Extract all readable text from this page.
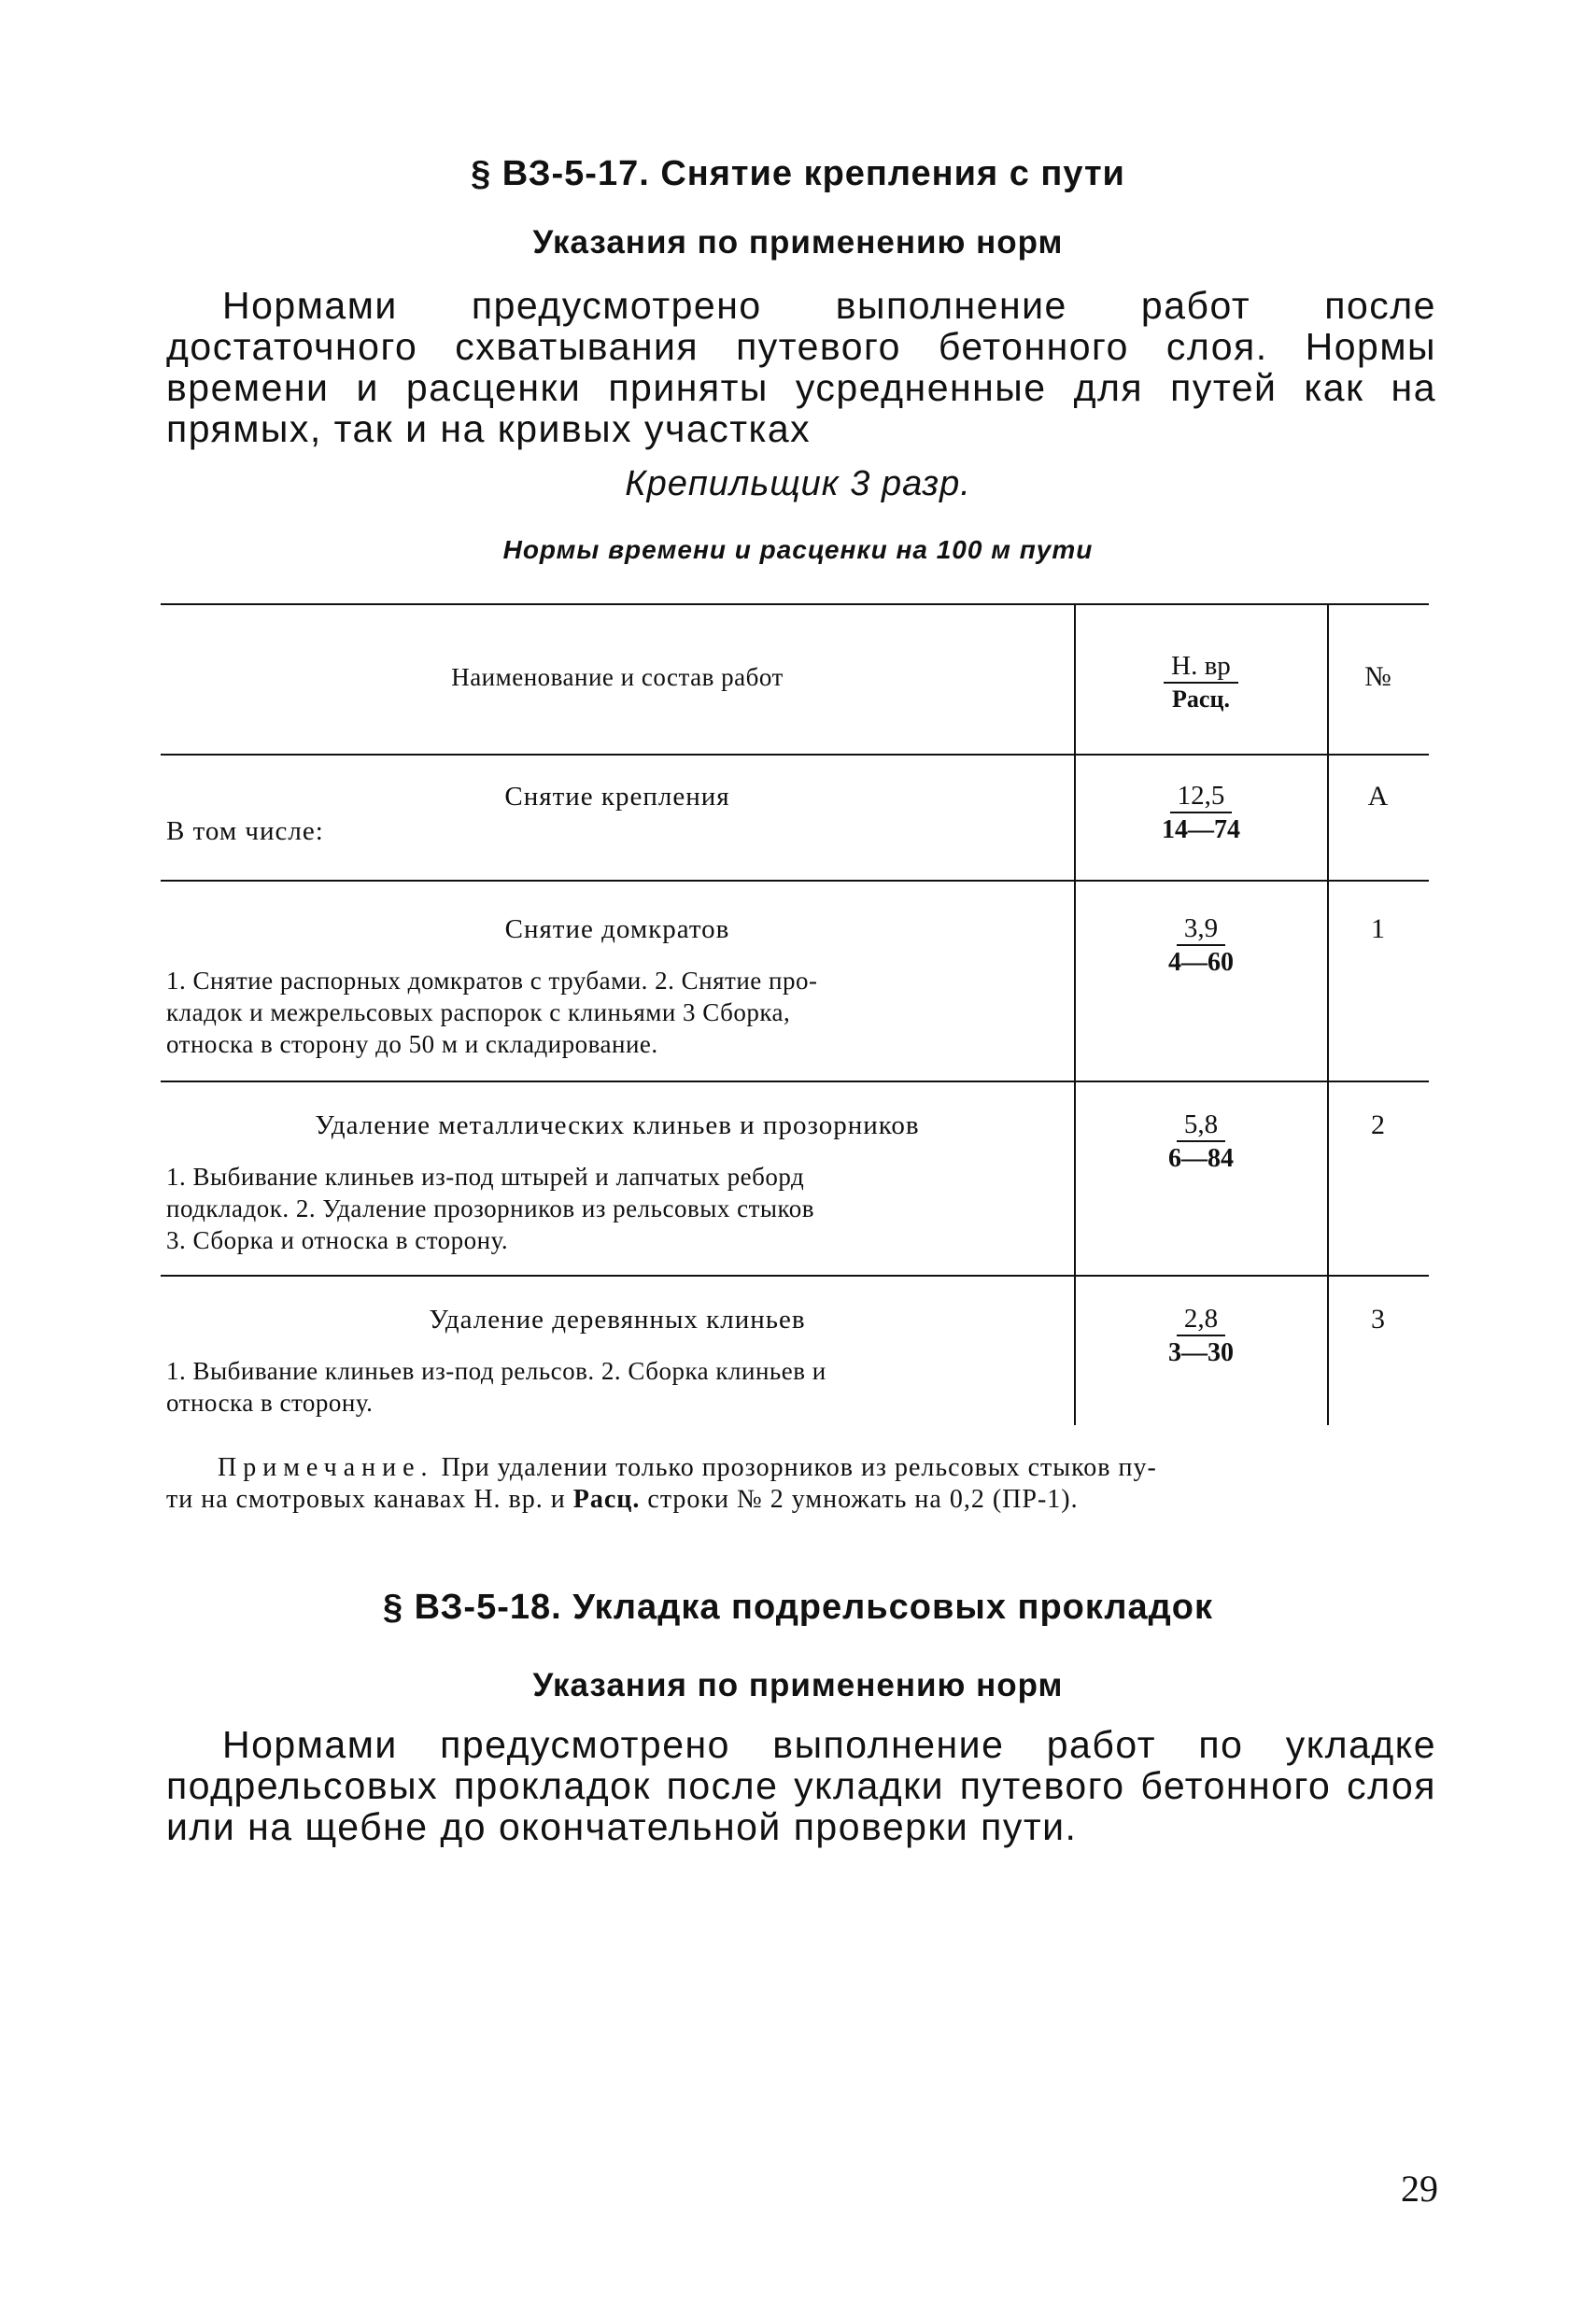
§ ВЗ-5-17. Снятие крепления с пути
Указания по применению норм
Нормами предусмотрено выполнение работ после достаточного схватывания путевого бетонного слоя. Нормы времени и расценки приняты усредненные для путей как на прямых, так и на кривых участках
Крепильщик 3 разр.
Нормы времени и расценки на 100 м пути
Наименование и состав работ	Н. вр
Расц.
№
Снятие крепления
В том числе:
12,5
14—74
А
Снятие домкратов
1. Снятие распорных домкратов с трубами. 2. Снятие про-
кладок и межрельсовых распорок с клиньями 3 Сборка,
относка в сторону до 50 м и складирование.
3,9
4—60
1
Удаление металлических клиньев и прозорников
1. Выбивание клиньев из-под штырей и лапчатых реборд
подкладок. 2. Удаление прозорников из рельсовых стыков
3. Сборка и относка в сторону.
5,8
6—84
2
Удаление деревянных клиньев
1. Выбивание клиньев из-под рельсов. 2. Сборка клиньев и
относка в сторону.
2,8
3—30
3
Примечание. При удалении только прозорников из рельсовых стыков пу-
ти на смотровых канавах Н. вр. и Расц. строки № 2 умножать на 0,2 (ПР-1).
§ ВЗ-5-18. Укладка подрельсовых прокладок
Указания по применению норм
Нормами предусмотрено выполнение работ по укладке подрельсовых прокладок после укладки путевого бетонного слоя или на щебне до окончательной проверки пути.
29
